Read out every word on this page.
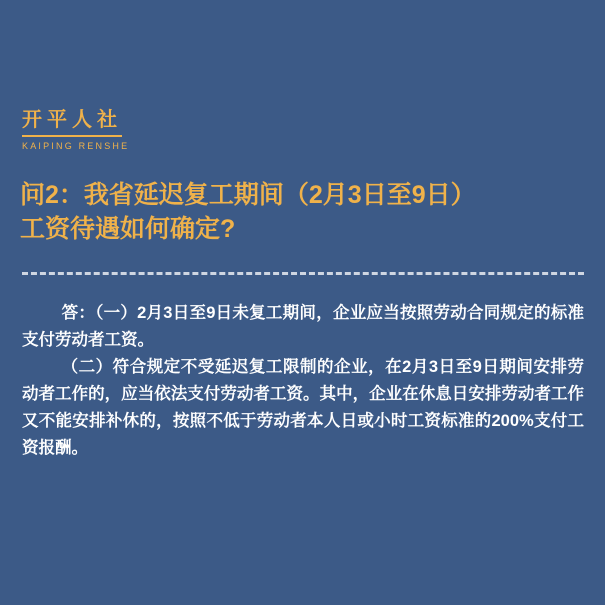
开平人社
KAIPING RENSHE
问2：我省延迟复工期间（2月3日至9日）
工资待遇如何确定?

答：（一）2月3日至9日未复工期间，企业应当按照劳动合同规定的标准支付劳动者工资。

（二）符合规定不受延迟复工限制的企业，在2月3日至9日期间安排劳动者工作的，应当依法支付劳动者工资。其中，企业在休息日安排劳动者工作又不能安排补休的，按照不低于劳动者本人日或小时工资标准的200%支付工资报酬。
